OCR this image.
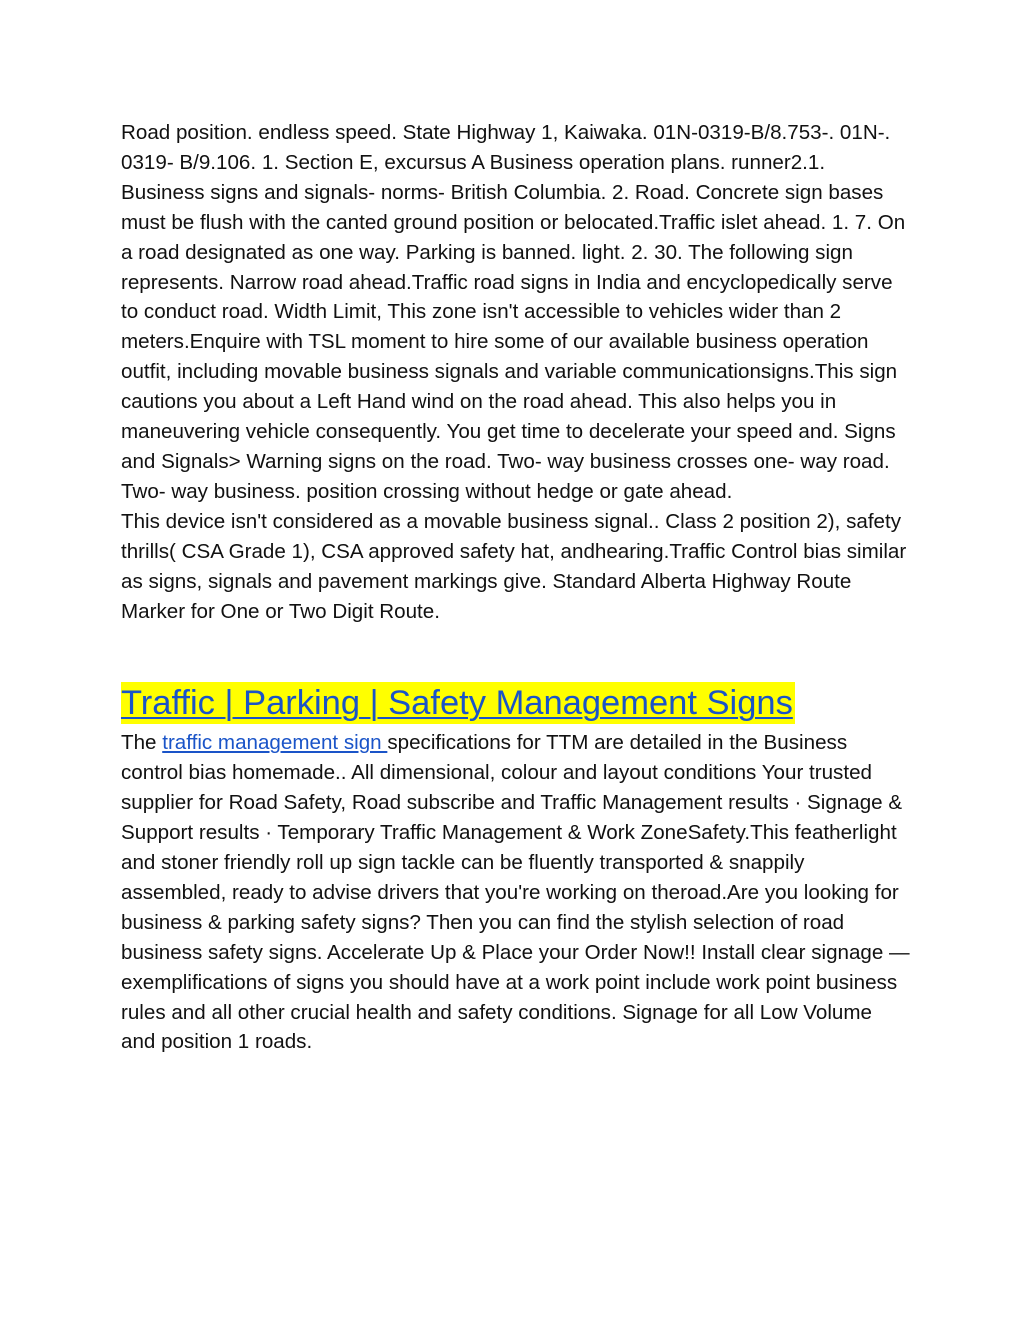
Road position. endless speed. State Highway 1, Kaiwaka. 01N-0319-B/8.753-. 01N-. 0319- B/9.106. 1. Section E, excursus A Business operation plans. runner2.1. Business signs and signals- norms- British Columbia. 2. Road. Concrete sign bases must be flush with the canted ground position or belocated.Traffic islet ahead. 1. 7. On a road designated as one way. Parking is banned. light. 2. 30. The following sign represents. Narrow road ahead.Traffic road signs in India and encyclopedically serve to conduct road. Width Limit, This zone isn't accessible to vehicles wider than 2 meters.Enquire with TSL moment to hire some of our available business operation outfit, including movable business signals and variable communicationsigns.This sign cautions you about a Left Hand wind on the road ahead. This also helps you in maneuvering vehicle consequently. You get time to decelerate your speed and. Signs and Signals> Warning signs on the road. Two- way business crosses one- way road. Two- way business. position crossing without hedge or gate ahead.

This device isn't considered as a movable business signal.. Class 2 position 2), safety thrills( CSA Grade 1), CSA approved safety hat, andhearing.Traffic Control bias similar as signs, signals and pavement markings give. Standard Alberta Highway Route Marker for One or Two Digit Route.

Traffic | Parking | Safety Management Signs

The traffic management sign specifications for TTM are detailed in the Business control bias homemade.. All dimensional, colour and layout conditions Your trusted supplier for Road Safety, Road subscribe and Traffic Management results · Signage & Support results · Temporary Traffic Management & Work ZoneSafety.This featherlight and stoner friendly roll up sign tackle can be fluently transported & snappily assembled, ready to advise drivers that you're working on theroad.Are you looking for business & parking safety signs? Then you can find the stylish selection of road business safety signs. Accelerate Up & Place your Order Now!! Install clear signage — exemplifications of signs you should have at a work point include work point business rules and all other crucial health and safety conditions. Signage for all Low Volume and position 1 roads.
